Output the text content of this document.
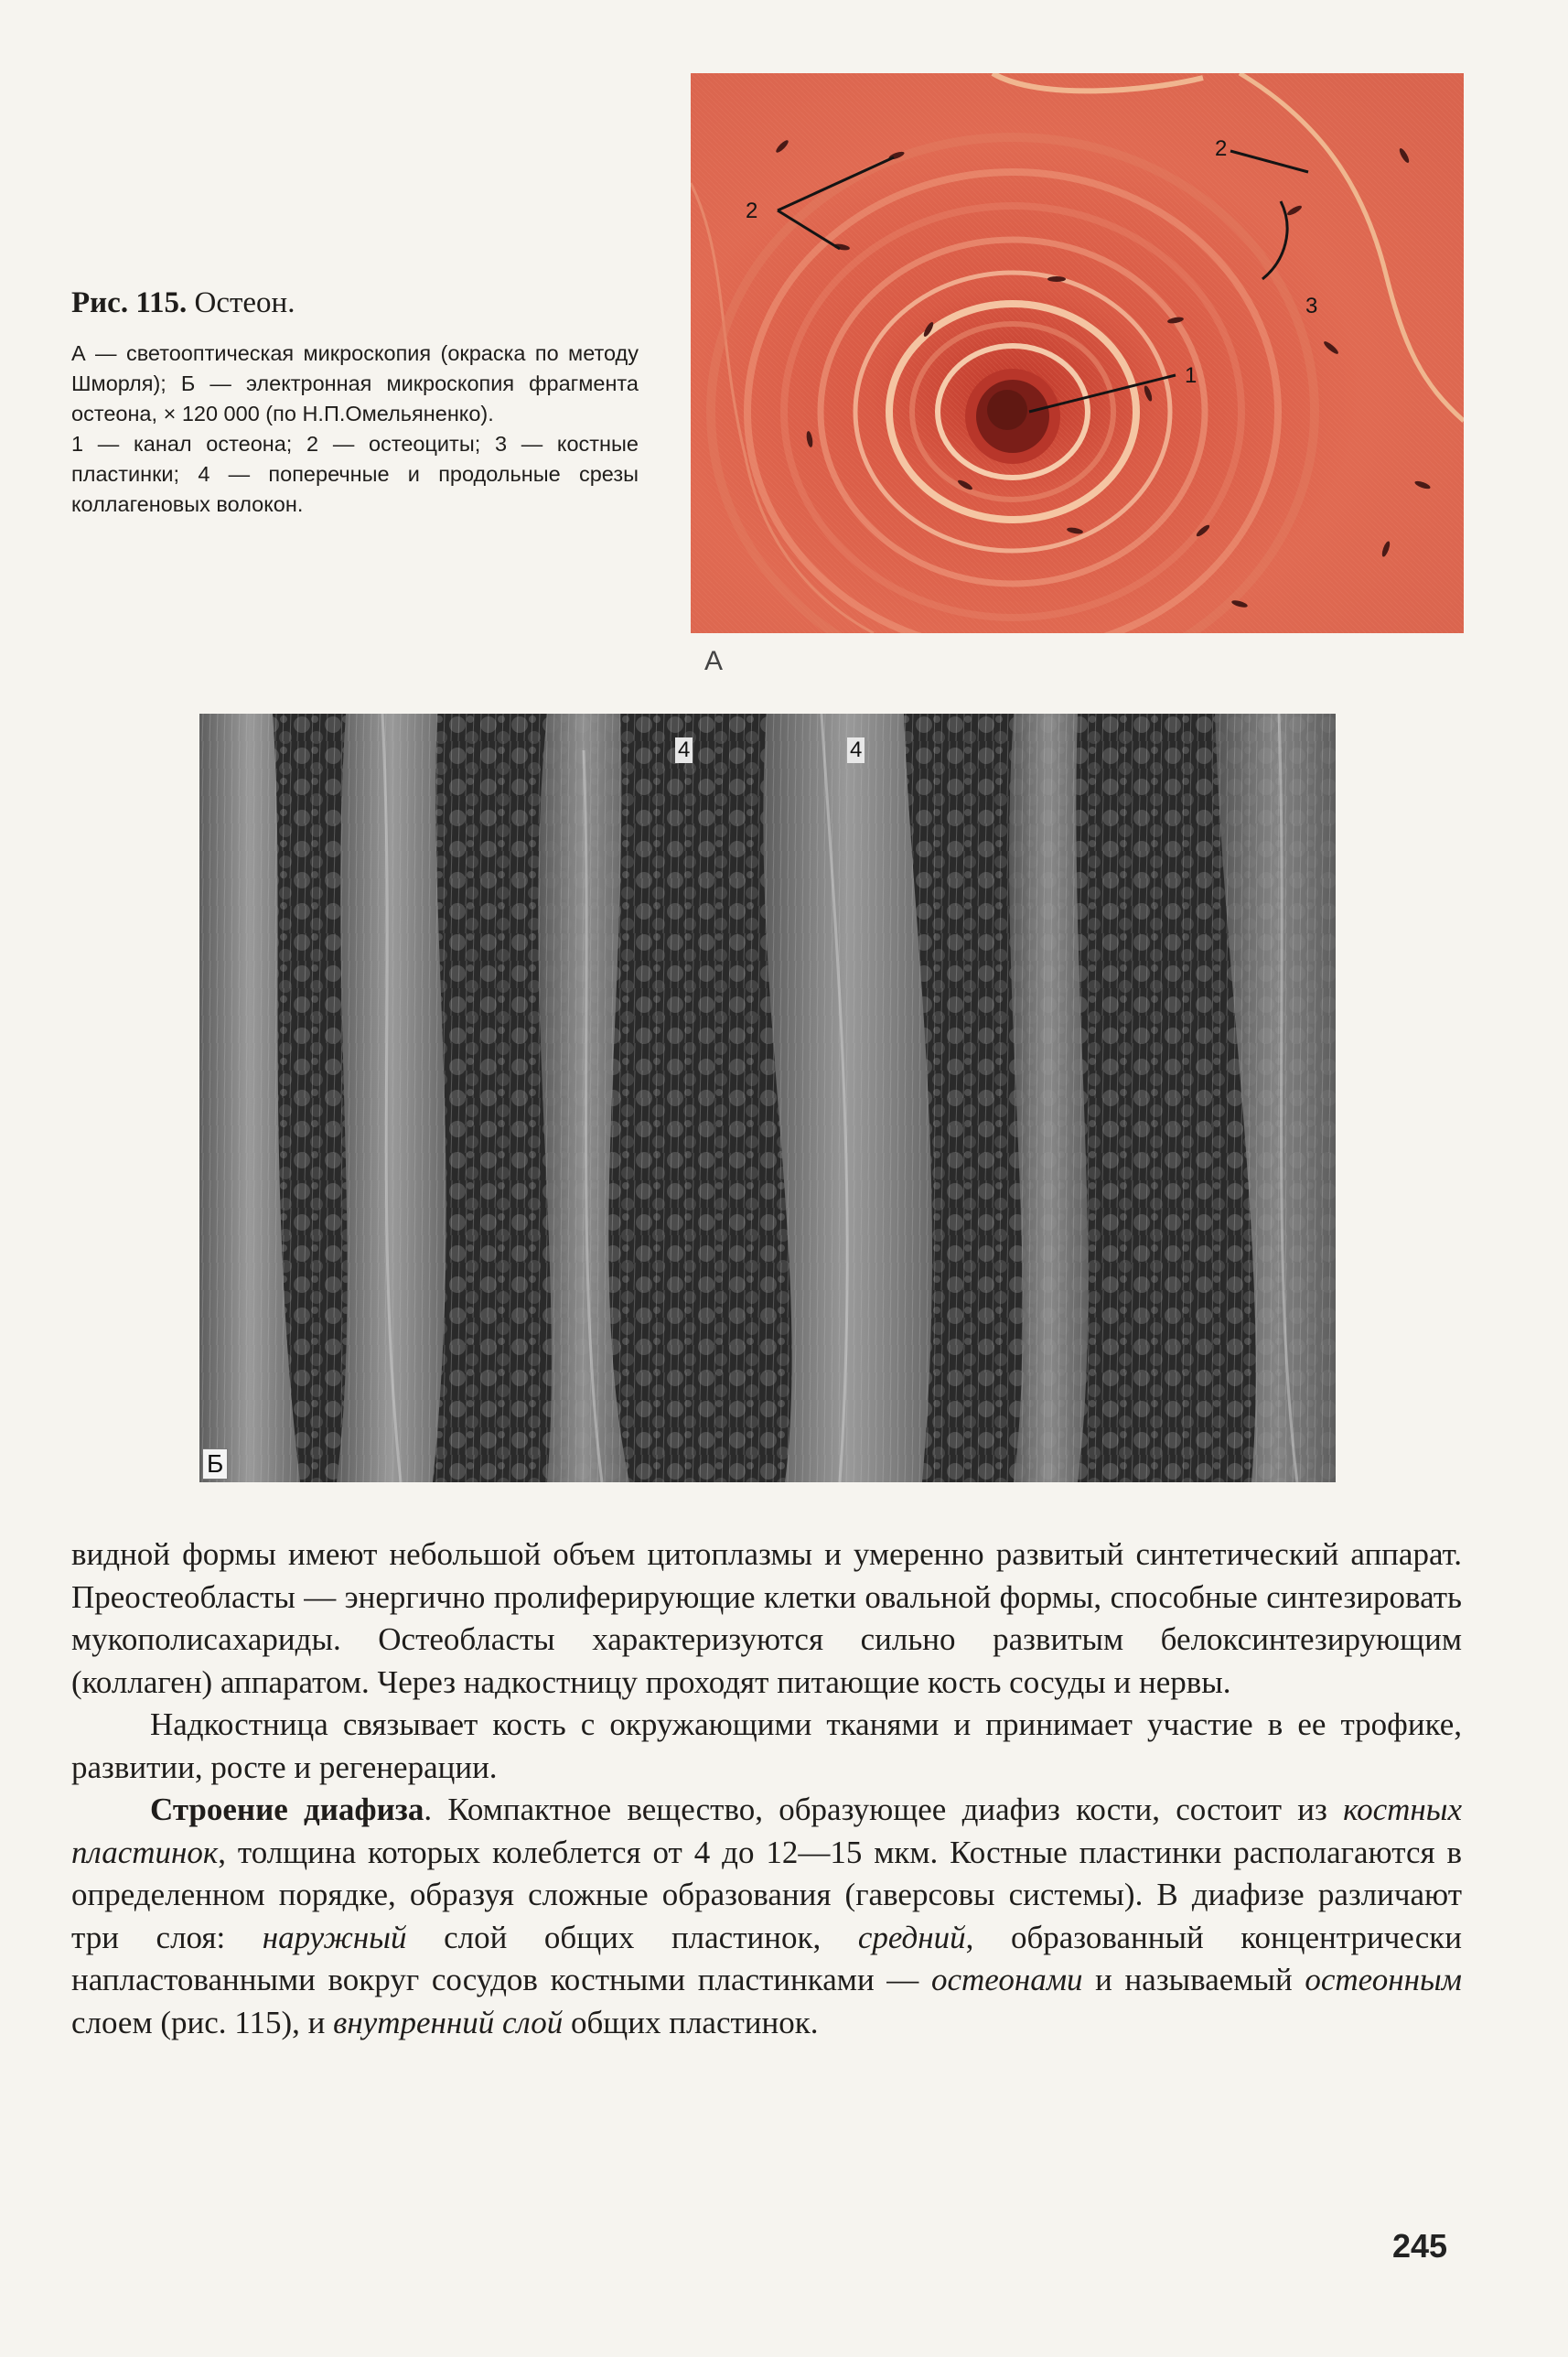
Рис. 115. Остеон.

А — светооптическая микроскопия (окраска по методу Шморля); Б — электронная микроскопия фрагмента остеона, × 120 000 (по Н.П.Омельяненко).

1 — канал остеона; 2 — остеоциты; 3 — костные пластинки; 4 — поперечные и продольные срезы коллагеновых волокон.

2
2
3
1
А
4	4
Б

видной формы имеют небольшой объем цитоплазмы и умеренно развитый синтетический аппарат. Преостеобласты — энергично пролиферирующие клетки овальной формы, способные синтезировать мукополисахариды. Остеобласты характеризуются сильно развитым белоксинтезирующим (коллаген) аппаратом. Через надкостницу проходят питающие кость сосуды и нервы.

Надкостница связывает кость с окружающими тканями и принимает участие в ее трофике, развитии, росте и регенерации.

Строение диафиза. Компактное вещество, образующее диафиз кости, состоит из костных пластинок, толщина которых колеблется от 4 до 12—15 мкм. Костные пластинки располагаются в определенном порядке, образуя сложные образования (гаверсовы системы). В диафизе различают три слоя: наружный слой общих пластинок, средний, образованный концентрически напластованными вокруг сосудов костными пластинками — остеонами и называемый остеонным слоем (рис. 115), и внутренний слой общих пластинок.

245
